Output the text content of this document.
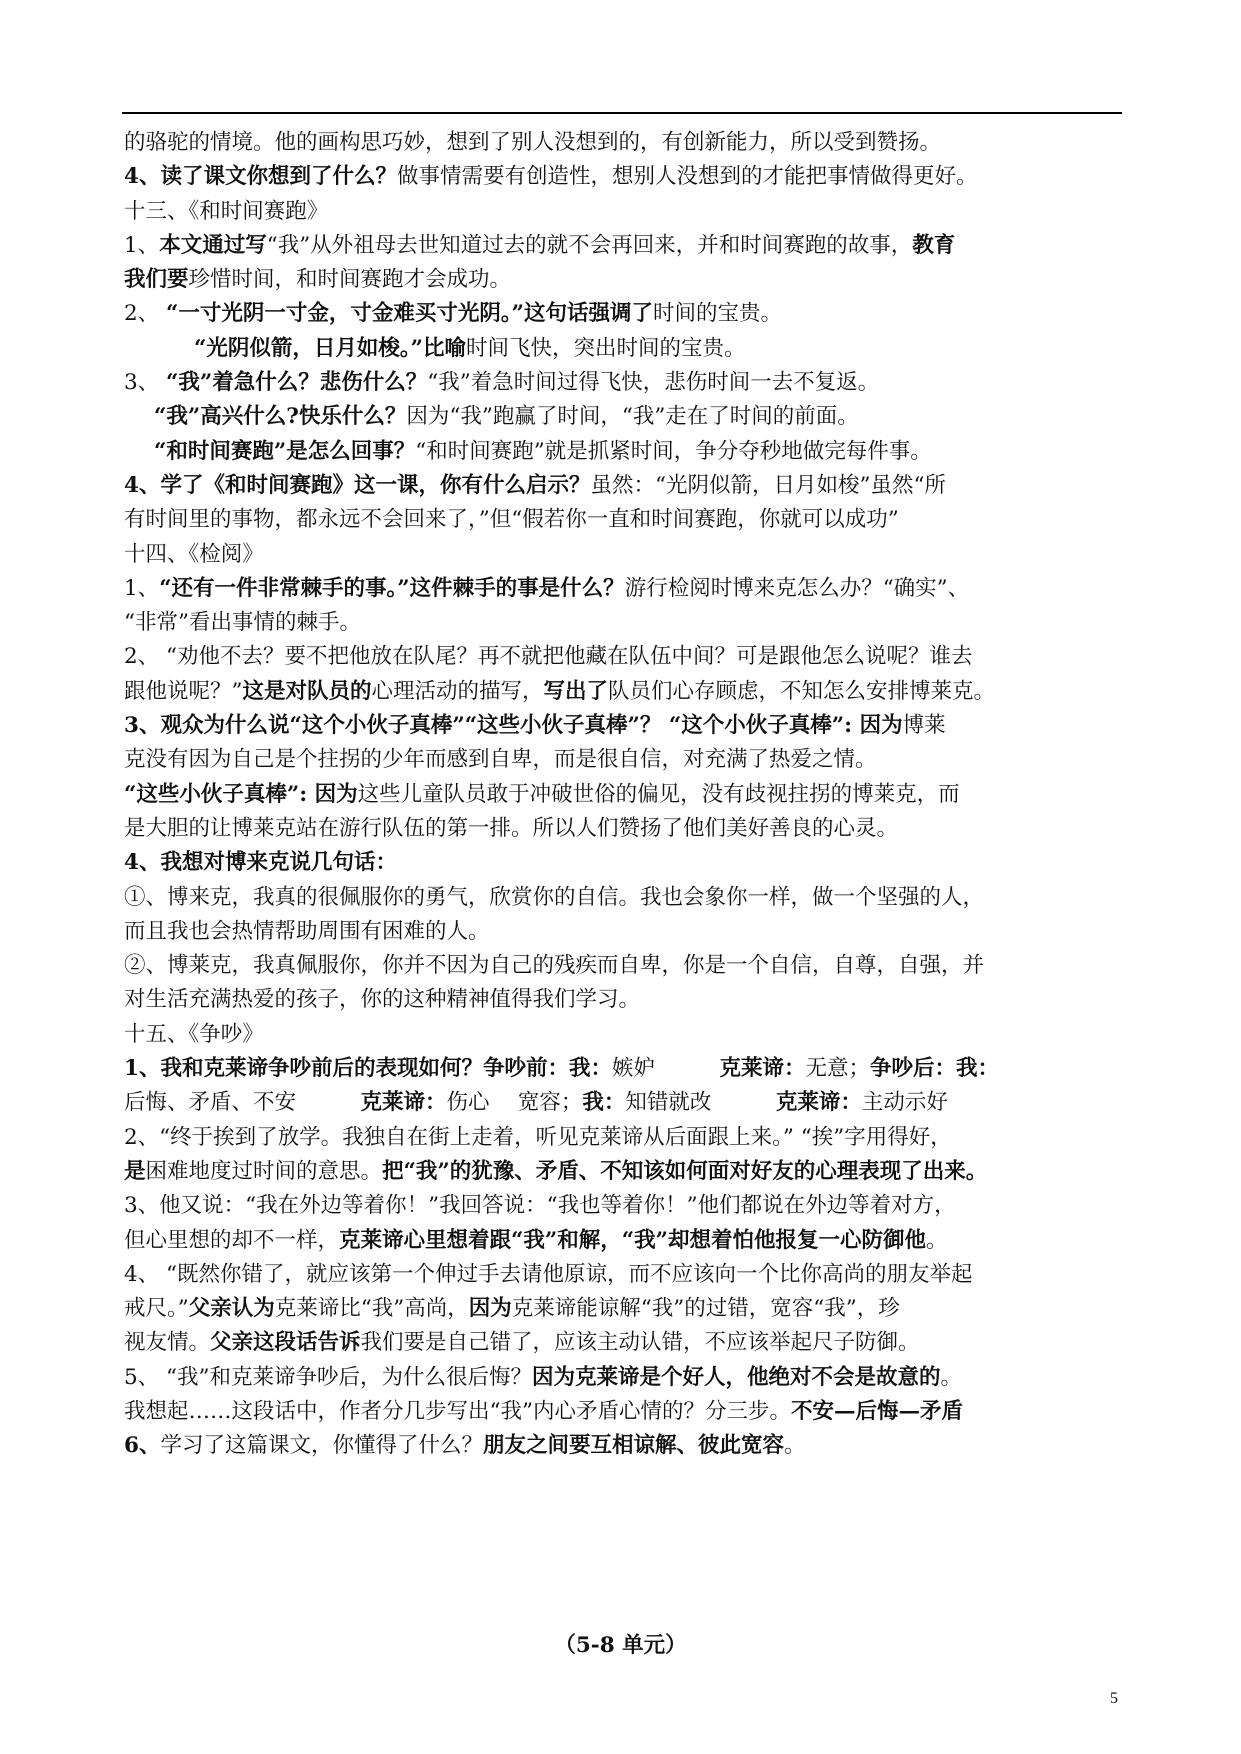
的骆驼的情境。他的画构思巧妙，想到了别人没想到的，有创新能力，所以受到赞扬。
4、读了课文你想到了什么？做事情需要有创造性，想别人没想到的才能把事情做得更好。
十三、《和时间赛跑》
1、本文通过写“我”从外祖母去世知道过去的就不会再回来，并和时间赛跑的故事，教育
我们要珍惜时间，和时间赛跑才会成功。
2、 “一寸光阴一寸金，寸金难买寸光阴。”这句话强调了时间的宝贵。
“光阴似箭，日月如梭。”比喻时间飞快，突出时间的宝贵。
3、 “我”着急什么？悲伤什么？“我”着急时间过得飞快，悲伤时间一去不复返。
“我”高兴什么?快乐什么？因为“我”跑赢了时间，“我”走在了时间的前面。
“和时间赛跑”是怎么回事？“和时间赛跑”就是抓紧时间，争分夺秒地做完每件事。
4、学了《和时间赛跑》这一课，你有什么启示？虽然：“光阴似箭，日月如梭”虽然“所
有时间里的事物，都永远不会回来了，”但“假若你一直和时间赛跑，你就可以成功”
十四、《检阅》
1、“还有一件非常棘手的事。”这件棘手的事是什么？游行检阅时博来克怎么办？“确实”、
“非常”看出事情的棘手。
2、 “劝他不去？要不把他放在队尾？再不就把他藏在队伍中间？可是跟他怎么说呢？谁去
跟他说呢？”这是对队员的心理活动的描写，写出了队员们心存顾虑，不知怎么安排博莱克。
3、观众为什么说“这个小伙子真棒”“这些小伙子真棒”？ “这个小伙子真棒”: 因为博莱
克没有因为自己是个拄拐的少年而感到自卑，而是很自信，对充满了热爱之情。
“这些小伙子真棒”: 因为这些儿童队员敢于冲破世俗的偏见，没有歧视拄拐的博莱克，而
是大胆的让博莱克站在游行队伍的第一排。所以人们赞扬了他们美好善良的心灵。
4、我想对博来克说几句话：
①、博来克，我真的很佩服你的勇气，欣赏你的自信。我也会象你一样，做一个坚强的人，
而且我也会热情帮助周围有困难的人。
②、博莱克，我真佩服你，你并不因为自己的残疾而自卑，你是一个自信，自尊，自强，并
对生活充满热爱的孩子，你的这种精神值得我们学习。
十五、《争吵》
1、我和克莱谛争吵前后的表现如何？争吵前：我：嫉妒　　　克莱谛：无意；争吵后：我：
后悔、矛盾、不安　　　克莱谛：伤心　 宽容；我：知错就改　　　克莱谛：主动示好
2、“终于挨到了放学。我独自在街上走着，听见克莱谛从后面跟上来。” “挨”字用得好，
是困难地度过时间的意思。把“我”的犹豫、矛盾、不知该如何面对好友的心理表现了出来。
3、他又说：“我在外边等着你！”我回答说：“我也等着你！”他们都说在外边等着对方，
但心里想的却不一样，克莱谛心里想着跟“我”和解，“我”却想着怕他报复一心防御他。
4、 “既然你错了，就应该第一个伸过手去请他原谅，而不应该向一个比你高尚的朋友举起
戒尺。”父亲认为克莱谛比“我”高尚，因为克莱谛能谅解“我”的过错，宽容“我”，珍
视友情。父亲这段话告诉我们要是自己错了，应该主动认错，不应该举起尺子防御。
5、 “我”和克莱谛争吵后，为什么很后悔？因为克莱谛是个好人，他绝对不会是故意的。
我想起……这段话中，作者分几步写出“我”内心矛盾心情的？分三步。不安—后悔—矛盾
6、学习了这篇课文，你懂得了什么？朋友之间要互相谅解、彼此宽容。
（5-8 单元）
5
